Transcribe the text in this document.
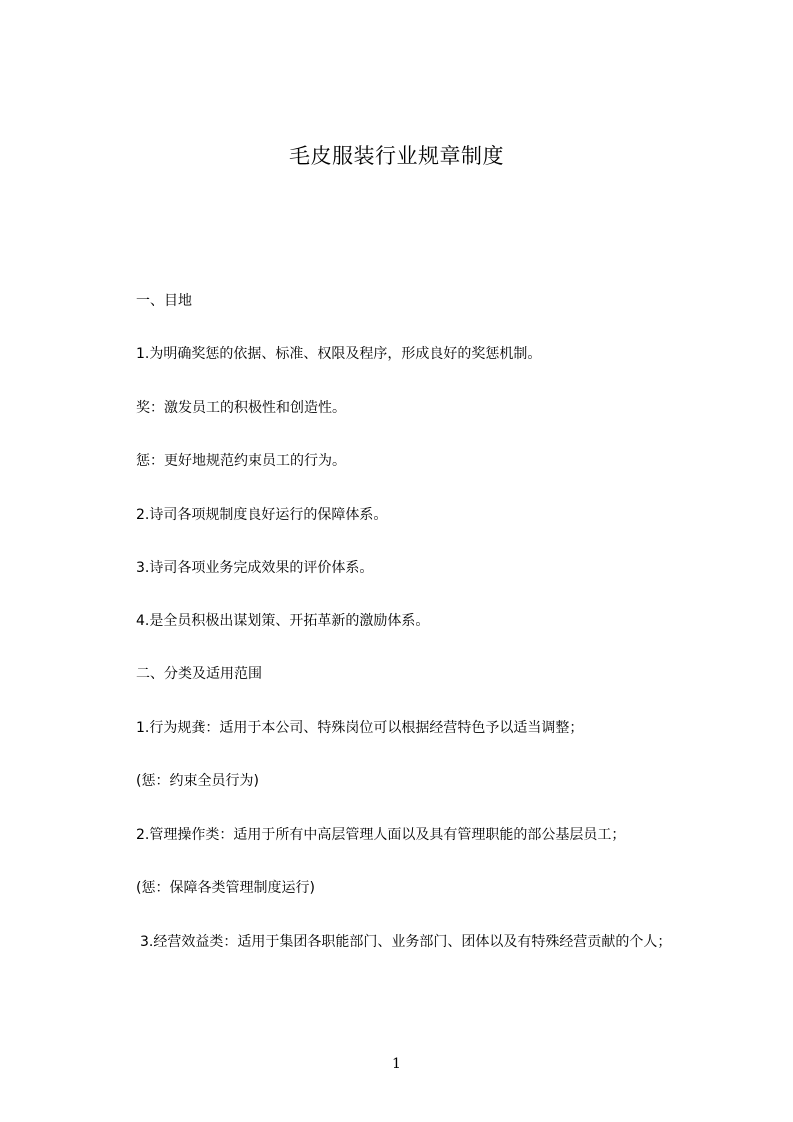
毛皮服装行业规章制度
一、目地
1.为明确奖惩的依据、标准、权限及程序，形成良好的奖惩机制。
奖：激发员工的积极性和创造性。
惩：更好地规范约束员工的行为。
2.诗司各项规制度良好运行的保障体系。
3.诗司各项业务完成效果的评价体系。
4.是全员积极出谋划策、开拓革新的激励体系。
二、分类及适用范围
1.行为规龚：适用于本公司、特殊岗位可以根据经营特色予以适当调整；
(惩：约束全员行为)
2.管理操作类：适用于所有中高层管理人面以及具有管理职能的部公基层员工；
(惩：保障各类管理制度运行)
3.经营效益类：适用于集团各职能部门、业务部门、团体以及有特殊经营贡献的个人；
1
